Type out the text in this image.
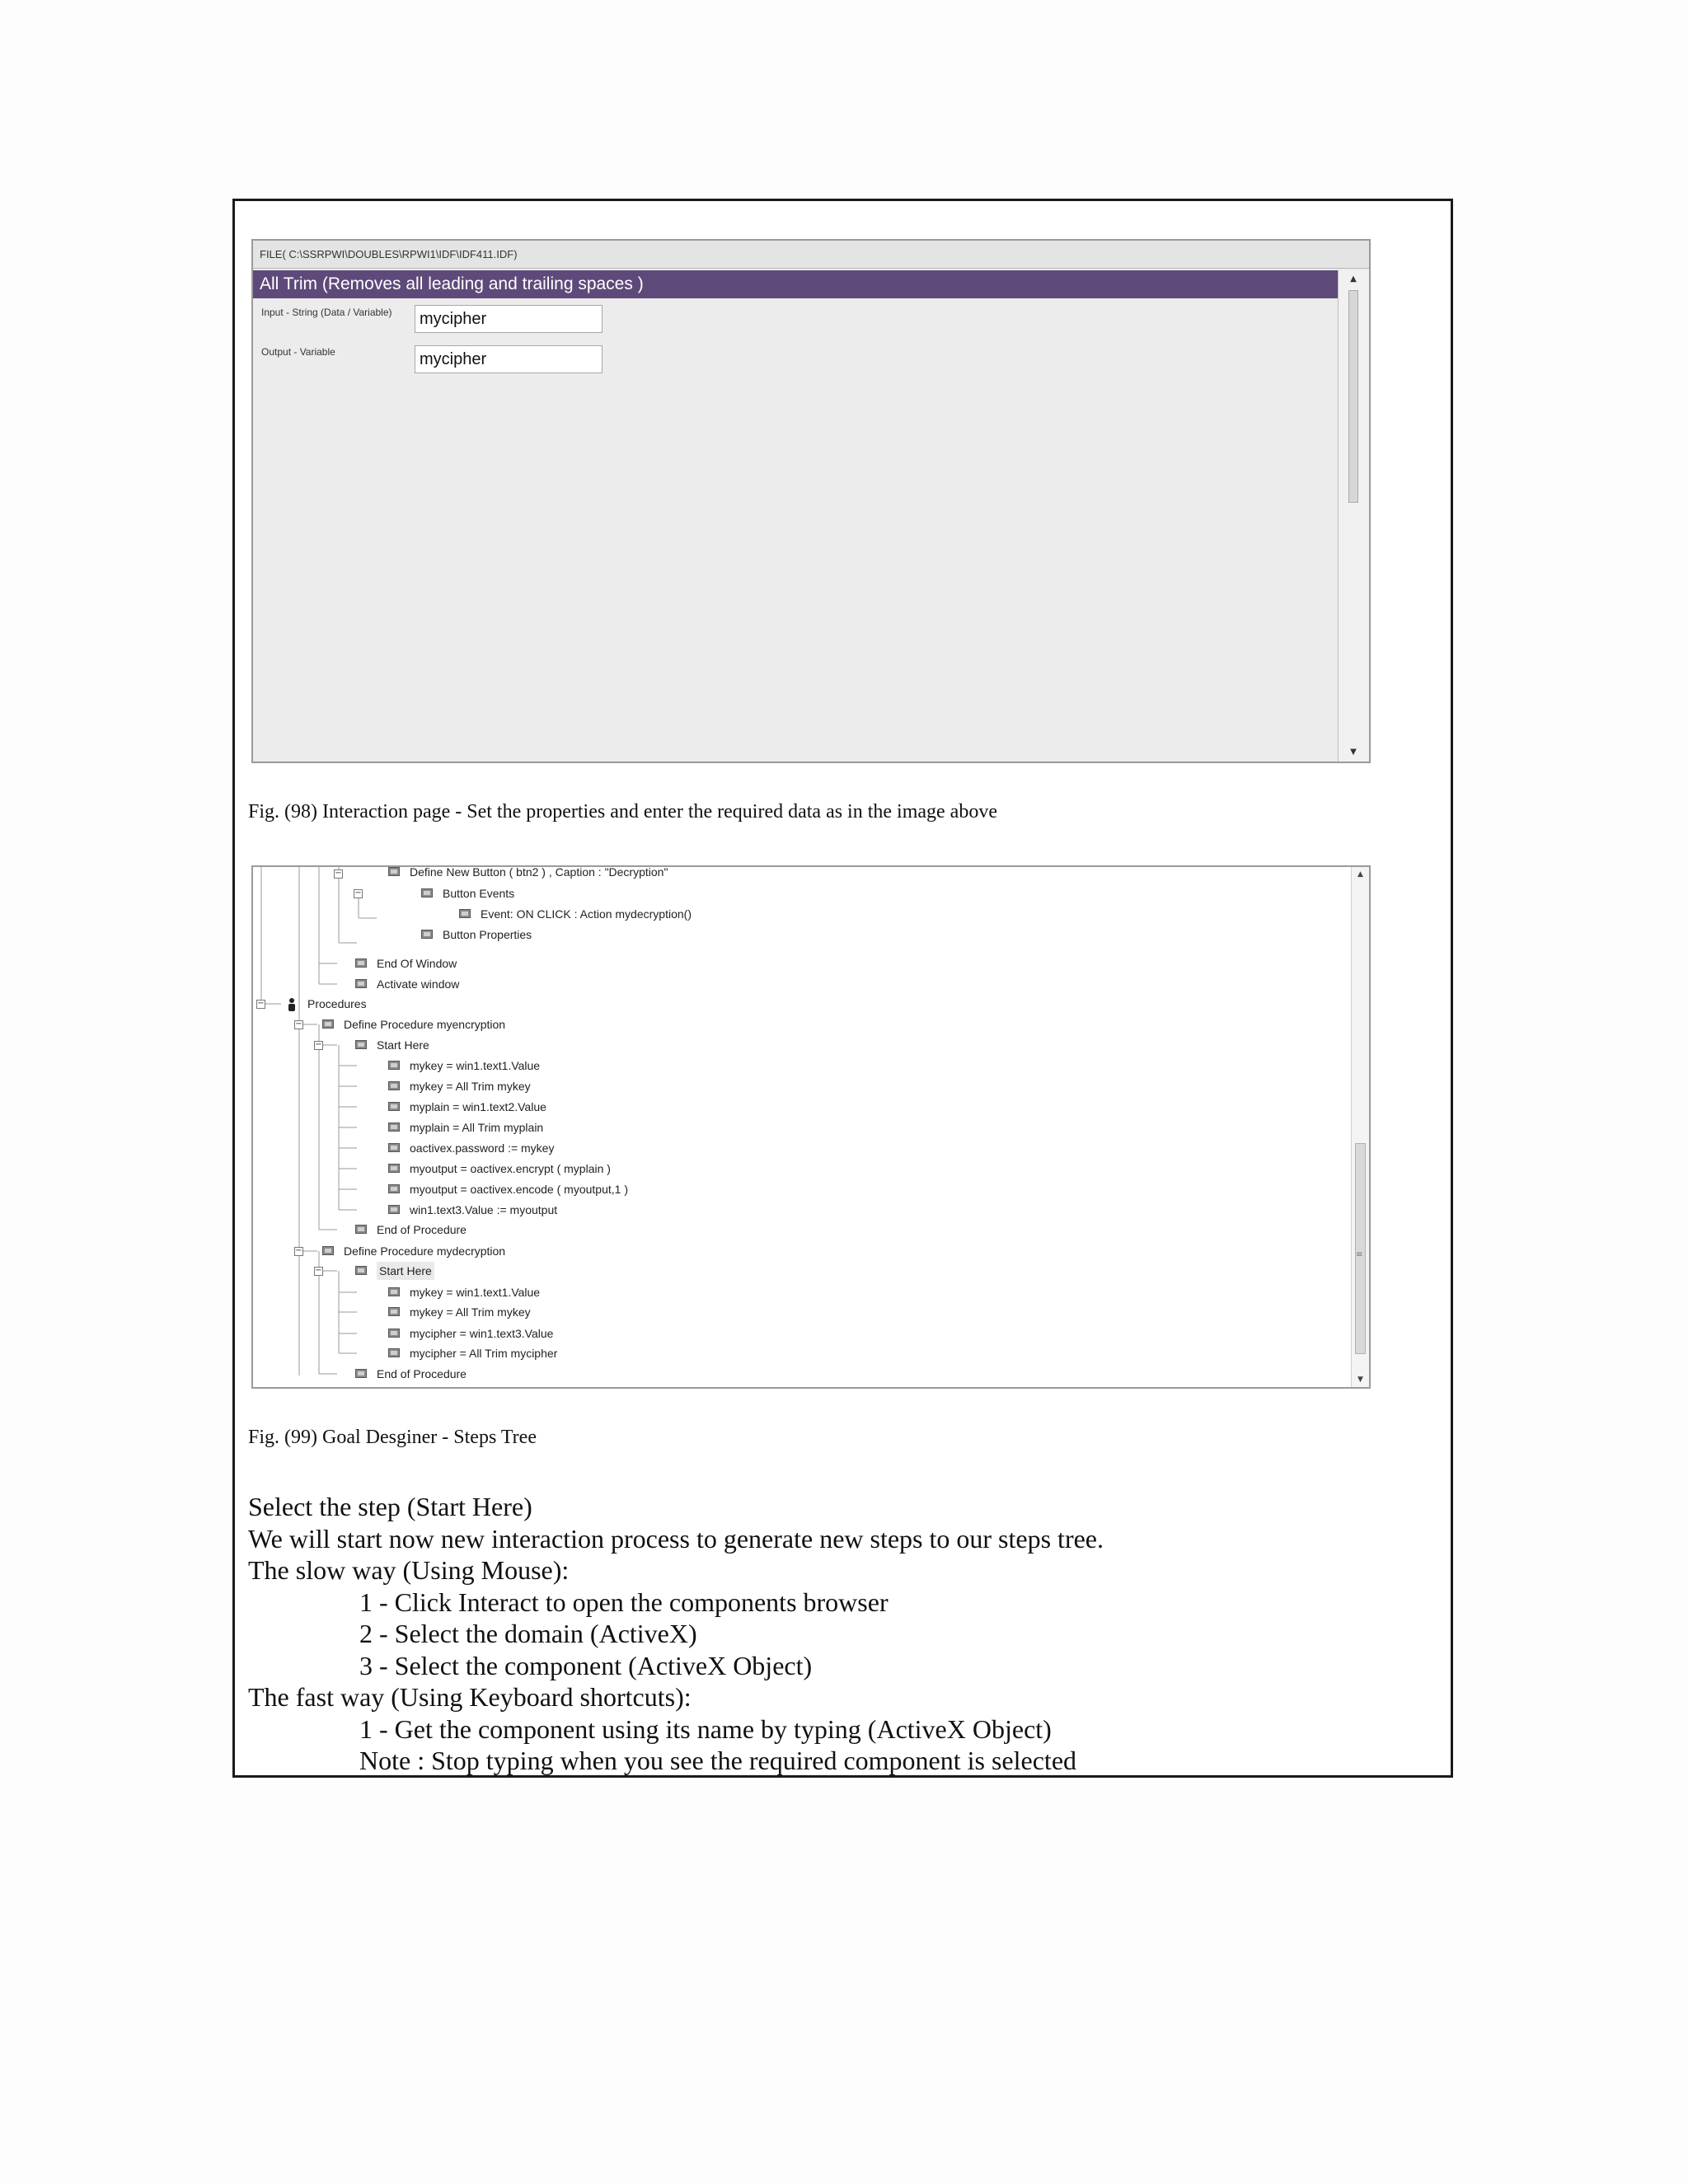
FILE( C:\SSRPWI\DOUBLES\RPWI1\IDF\IDF411.IDF)
All Trim (Removes all leading and trailing spaces )
Input - String (Data / Variable)	mycipher
Output - Variable	mycipher
▲
▼
Fig. (98) Interaction page - Set the properties and enter the required data as in the image above
−
−
−
−
−
−
−
Define New Button ( btn2 ) , Caption : "Decryption"
Button Events
Event: ON CLICK : Action mydecryption()
Button Properties
End Of Window
Activate window
Procedures
Define Procedure myencryption
Start Here
mykey = win1.text1.Value
mykey = All Trim mykey
myplain = win1.text2.Value
myplain = All Trim myplain
oactivex.password := mykey
myoutput = oactivex.encrypt ( myplain )
myoutput = oactivex.encode ( myoutput,1 )
win1.text3.Value := myoutput
End of Procedure
Define Procedure mydecryption
Start Here
mykey = win1.text1.Value
mykey = All Trim mykey
mycipher = win1.text3.Value
mycipher = All Trim mycipher
End of Procedure
▲
≡
▼
Fig. (99) Goal Desginer - Steps Tree
Select the step (Start Here)
We will start now new interaction process to generate new steps to our steps tree.
The slow way (Using Mouse):
1 - Click Interact to open the components browser
2 - Select the domain (ActiveX)
3 - Select the component (ActiveX Object)
The fast way (Using Keyboard shortcuts):
1 - Get the component using its name by typing (ActiveX Object)
Note : Stop typing when you see the required component is selected
